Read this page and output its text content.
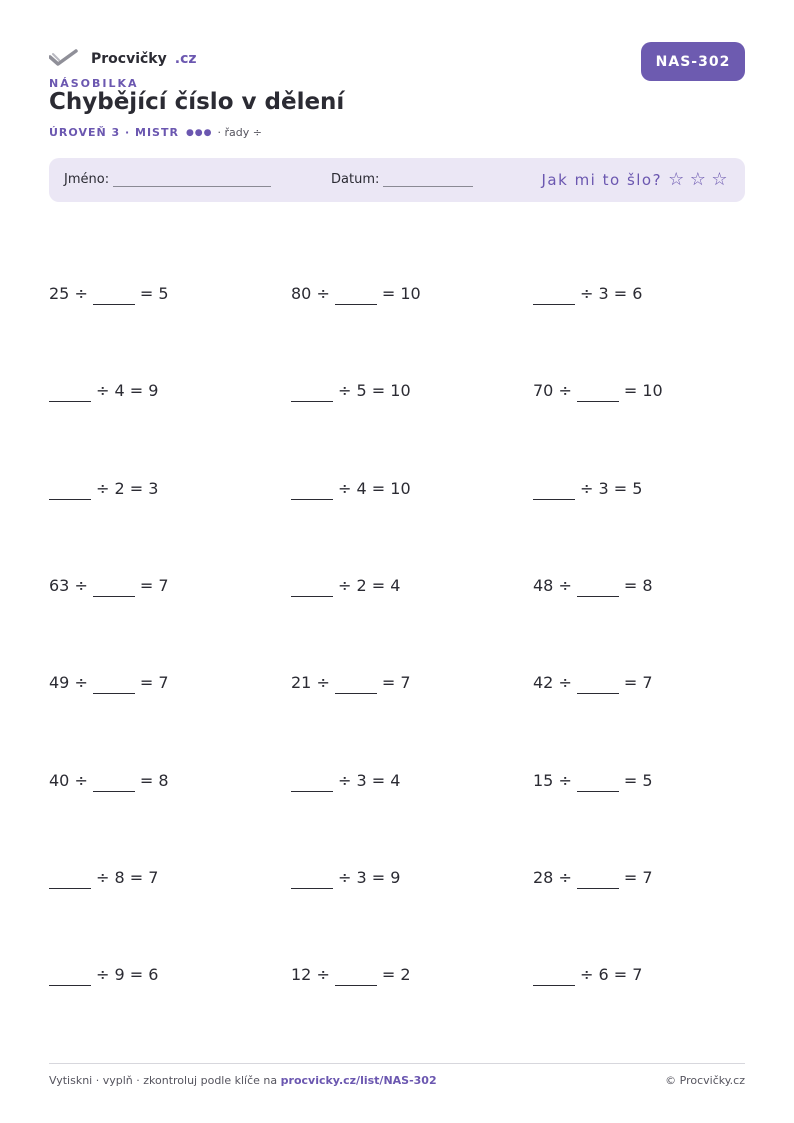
Procvičky .cz	NAS-302
NÁSOBILKA
Chybějící číslo v dělení
ÚROVEŇ 3 · MISTR ●●● · řady ÷
Jméno:	Datum:	Jak mi to šlo? ☆ ☆ ☆
25
÷	= 5	80
÷	= 10	÷
3
= 6
÷
4
= 9	÷
5
= 10	70
÷	= 10
÷
2
= 3	÷
4
= 10	÷
3
= 5
63
÷	= 7	÷
2
= 4	48
÷	= 8
49
÷	= 7	21
÷	= 7	42
÷	= 7
40
÷	= 8	÷
3
= 4	15
÷	= 5
÷
8
= 7	÷
3
= 9	28
÷	= 7
÷
9
= 6	12
÷	= 2	÷
6
= 7
Vytiskni · vyplň · zkontroluj podle klíče na procvicky.cz/list/NAS-302	© Procvičky.cz
